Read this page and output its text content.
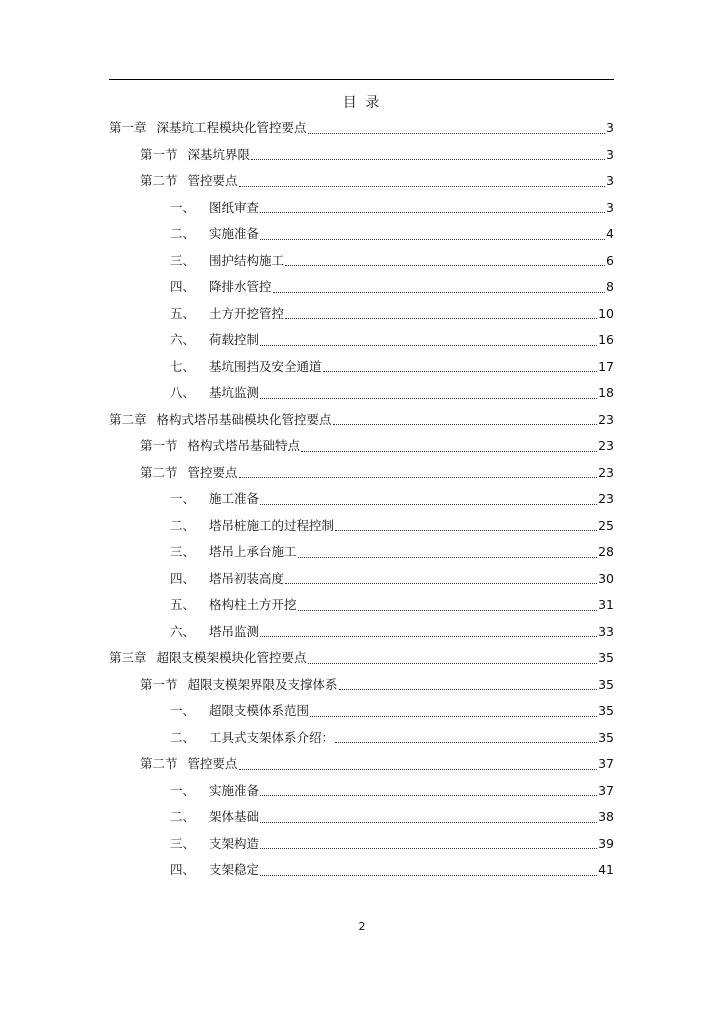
目 录
第一章 深基坑工程模块化管控要点	3
第一节 深基坑界限	3
第二节 管控要点	3
一、 图纸审查	3
二、 实施准备	4
三、 围护结构施工	6
四、 降排水管控	8
五、 土方开挖管控	10
六、 荷载控制	16
七、 基坑围挡及安全通道	17
八、 基坑监测	18
第二章 格构式塔吊基础模块化管控要点	23
第一节 格构式塔吊基础特点	23
第二节 管控要点	23
一、 施工准备	23
二、 塔吊桩施工的过程控制	25
三、 塔吊上承台施工	28
四、 塔吊初装高度	30
五、 格构柱土方开挖	31
六、 塔吊监测	33
第三章 超限支模架模块化管控要点	35
第一节 超限支模架界限及支撑体系	35
一、 超限支模体系范围	35
二、 工具式支架体系介绍：	35
第二节 管控要点	37
一、 实施准备	37
二、 架体基础	38
三、 支架构造	39
四、 支架稳定	41
2
